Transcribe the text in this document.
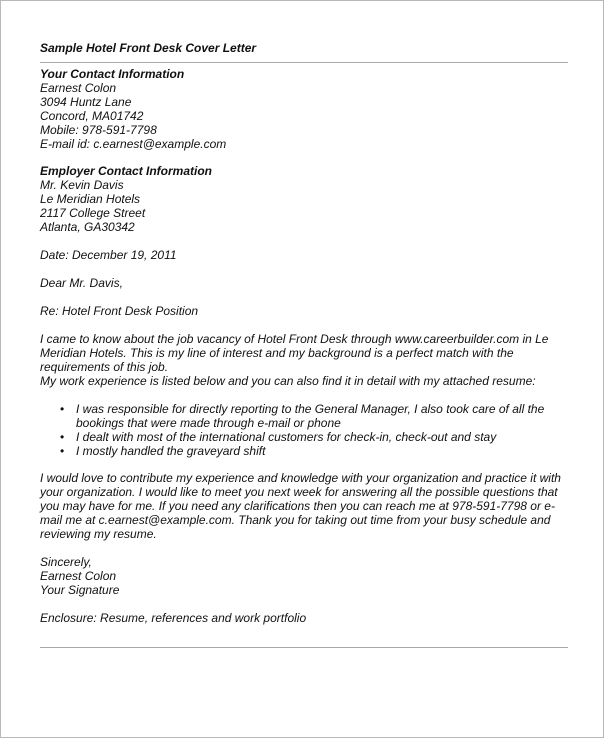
Sample Hotel Front Desk Cover Letter
Your Contact Information
Earnest Colon
3094 Huntz Lane
Concord, MA01742
Mobile: 978-591-7798
E-mail id: c.earnest@example.com
Employer Contact Information
Mr. Kevin Davis
Le Meridian Hotels
2117 College Street
Atlanta, GA30342
Date: December 19, 2011
Dear Mr. Davis,
Re: Hotel Front Desk Position
I came to know about the job vacancy of Hotel Front Desk through www.careerbuilder.com in Le
Meridian Hotels. This is my line of interest and my background is a perfect match with the
requirements of this job.
My work experience is listed below and you can also find it in detail with my attached resume:
• I was responsible for directly reporting to the General Manager, I also took care of all the
bookings that were made through e-mail or phone
• I dealt with most of the international customers for check-in, check-out and stay
• I mostly handled the graveyard shift
I would love to contribute my experience and knowledge with your organization and practice it with
your organization. I would like to meet you next week for answering all the possible questions that
you may have for me. If you need any clarifications then you can reach me at 978-591-7798 or e-
mail me at c.earnest@example.com. Thank you for taking out time from your busy schedule and
reviewing my resume.
Sincerely,
Earnest Colon
Your Signature
Enclosure: Resume, references and work portfolio
